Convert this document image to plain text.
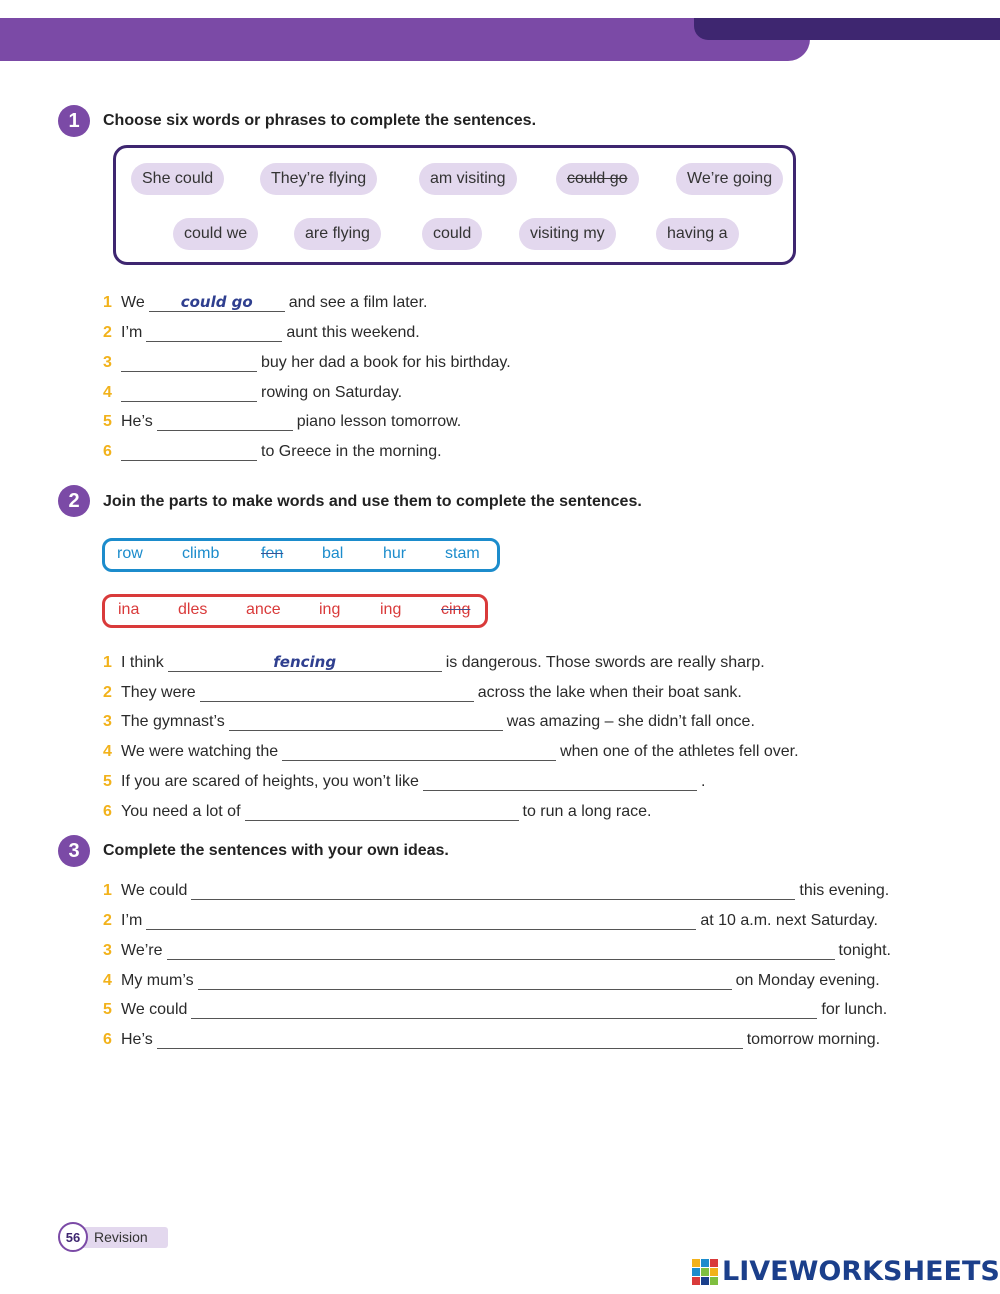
1	Choose six words or phrases to complete the sentences.
She could	They’re flying	am visiting	could go	We’re going
could we	are flying	could	visiting my	having a
1 We	could go	and see a film later.
2 I’m	aunt this weekend.
3	buy her dad a book for his birthday.
4	rowing on Saturday.
5 He’s	piano lesson tomorrow.
6	to Greece in the morning.
2	Join the parts to make words and use them to complete the sentences.
row climb	fen bal hur stam
ina dles ance ing ing cing
1 I think	fencing	is dangerous. Those swords are really sharp.
2 They were	across the lake when their boat sank.
3 The gymnast’s	was amazing – she didn’t fall once.
4 We were watching the	when one of the athletes fell over.
5 If you are scared of heights, you won’t like	.
6 You need a lot of	to run a long race.
3	Complete the sentences with your own ideas.
1 We could	this evening.
2 I’m	at 10 a.m. next Saturday.
3 We’re	tonight.
4 My mum’s	on Monday evening.
5 We could	for lunch.
6 He’s	tomorrow morning.
Revision
56
LIVEWORKSHEETS
